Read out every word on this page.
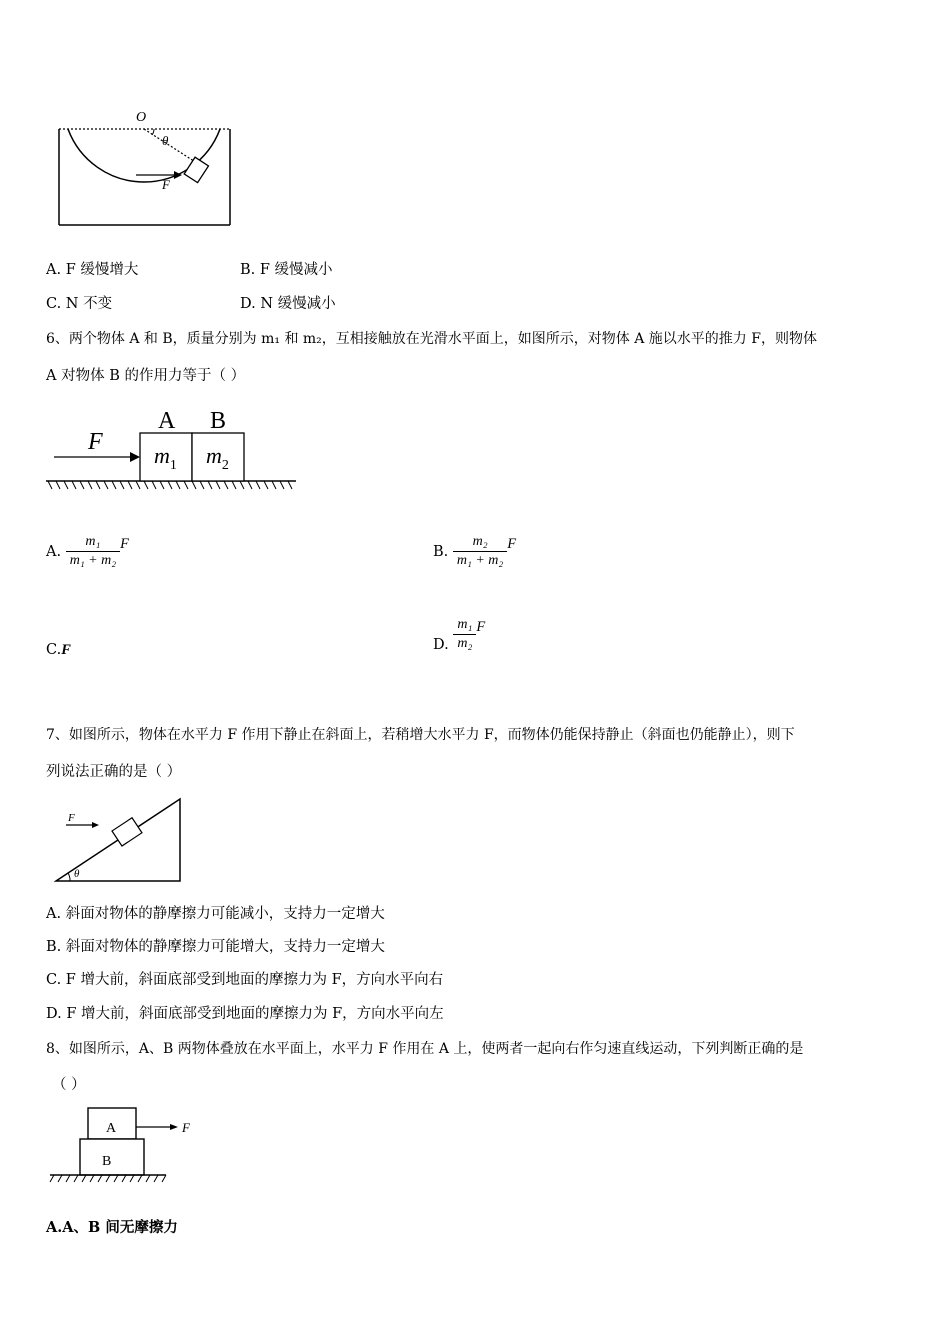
O
θ
F
A. F 缓慢增大	B. F 缓慢减小
C. N 不变	D. N 缓慢减小
6、两个物体 A 和 B，质量分别为 m₁ 和 m₂，互相接触放在光滑水平面上，如图所示，对物体 A 施以水平的推力 F，则物体
A 对物体 B 的作用力等于（ ）
F
A B
$m_1$ $m_2$
A. $\frac{\text{m₁}}{\text{m₁ + m₂}}$ F	B. $\frac{\text{m₂}}{\text{m₁ + m₂}}$ F
C.F	D. $\frac{\text{m₁}}{\text{m₂}}$ F
7、如图所示，物体在水平力 F 作用下静止在斜面上，若稍增大水平力 F，而物体仍能保持静止（斜面也仍能静止），则下
列说法正确的是（ ）
F
θ
A. 斜面对物体的静摩擦力可能减小，支持力一定增大
B. 斜面对物体的静摩擦力可能增大，支持力一定增大
C. F 增大前，斜面底部受到地面的摩擦力为 F，方向水平向右
D. F 增大前，斜面底部受到地面的摩擦力为 F，方向水平向左
8、如图所示，A、B 两物体叠放在水平面上，水平力 F 作用在 A 上，使两者一起向右作匀速直线运动，下列判断正确的是
（ ）
A
B
F
A.A、B 间无摩擦力
